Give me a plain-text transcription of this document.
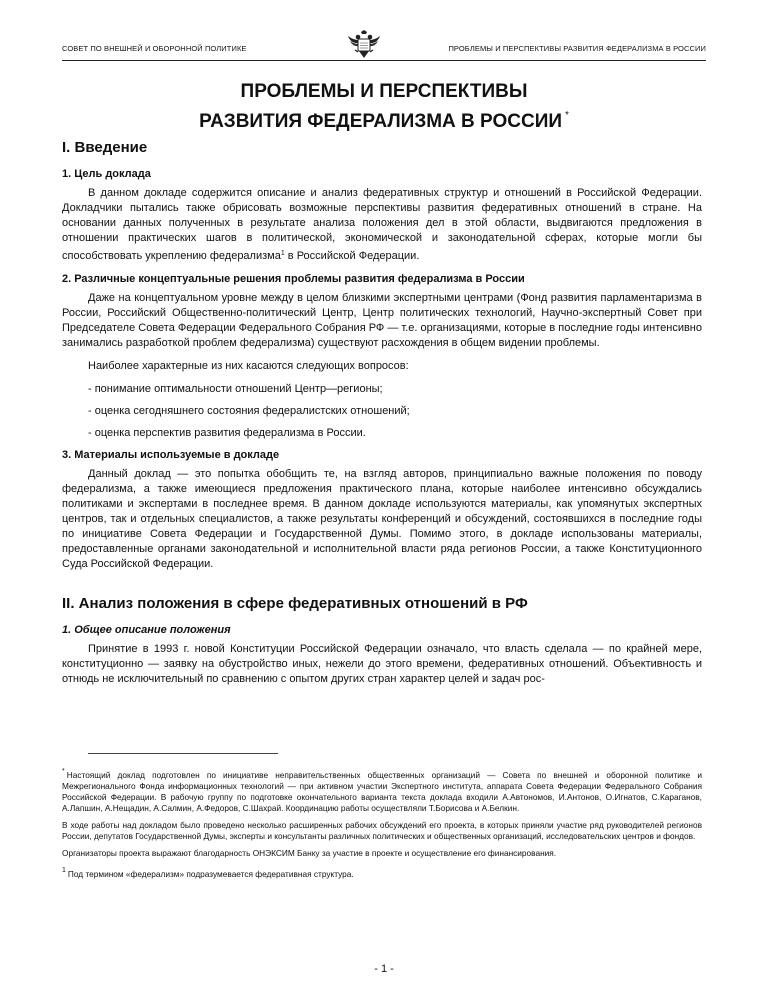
СОВЕТ ПО ВНЕШНЕЙ И ОБОРОННОЙ ПОЛИТИКЕ	ПРОБЛЕМЫ И ПЕРСПЕКТИВЫ РАЗВИТИЯ ФЕДЕРАЛИЗМА В РОССИИ
ПРОБЛЕМЫ И ПЕРСПЕКТИВЫ
РАЗВИТИЯ ФЕДЕРАЛИЗМА В РОССИИ *
I. Введение
1. Цель доклада

В данном докладе содержится описание и анализ федеративных структур и отношений в Российской Федерации. Докладчики пытались также обрисовать возможные перспективы развития федеративных отношений в стране. На основании данных полученных в результате анализа положения дел в этой области, выдвигаются предложения в отношении практических шагов в политической, экономической и законодательной сферах, которые могли бы способствовать укреплению федерализма$^1$ в Российской Федерации.

2. Различные концептуальные решения проблемы развития федерализма в России

Даже на концептуальном уровне между в целом близкими экспертными центрами (Фонд развития парламентаризма в России, Российский Общественно-политический Центр, Центр политических технологий, Научно-экспертный Совет при Председателе Совета Федерации Федерального Собрания РФ — т.е. организациями, которые в последние годы интенсивно занимались разработкой проблем федерализма) существуют расхождения в общем видении проблемы.

Наиболее характерные из них касаются следующих вопросов:

- понимание оптимальности отношений Центр—регионы;

- оценка сегодняшнего состояния федералистских отношений;

- оценка перспектив развития федерализма в России.

3. Материалы используемые в докладе

Данный доклад — это попытка обобщить те, на взгляд авторов, принципиально важные положения по поводу федерализма, а также имеющиеся предложения практического плана, которые наиболее интенсивно обсуждались политиками и экспертами в последнее время. В данном докладе используются материалы, как упомянутых экспертных центров, так и отдельных специалистов, а также результаты конференций и обсуждений, состоявшихся в последние годы по инициативе Совета Федерации и Государственной Думы. Помимо этого, в докладе использованы материалы, предоставленные органами законодательной и исполнительной власти ряда регионов России, а также Конституционного Суда Российской Федерации.

II. Анализ положения в сфере федеративных отношений в РФ
1. Общее описание положения

Принятие в 1993 г. новой Конституции Российской Федерации означало, что власть сделала — по крайней мере, конституционно — заявку на обустройство иных, нежели до этого времени, федеративных отношений. Объективность и отнюдь не исключительный по сравнению с опытом других стран характер целей и задач рос-

* Настоящий доклад подготовлен по инициативе неправительственных общественных организаций — Совета по внешней и оборонной политике и Межрегионального Фонда информационных технологий — при активном участии Экспертного института, аппарата Совета Федерации Федерального Собрания Российской Федерации. В рабочую группу по подготовке окончательного варианта текста доклада входили А.Автономов, И.Антонов, О.Игнатов, С.Караганов, А.Лапшин, А.Нещадин, А.Салмин, А.Федоров, С.Шахрай. Координацию работы осуществляли Т.Борисова и А.Белкин.

В ходе работы над докладом было проведено несколько расширенных рабочих обсуждений его проекта, в которых приняли участие ряд руководителей регионов России, депутатов Государственной Думы, эксперты и консультанты различных политических и общественных организаций, исследовательских центров и фондов.

Организаторы проекта выражают благодарность ОНЭКСИМ Банку за участие в проекте и осуществление его финансирования.

$^1$ Под термином «федерализм» подразумевается федеративная структура.

- 1 -
